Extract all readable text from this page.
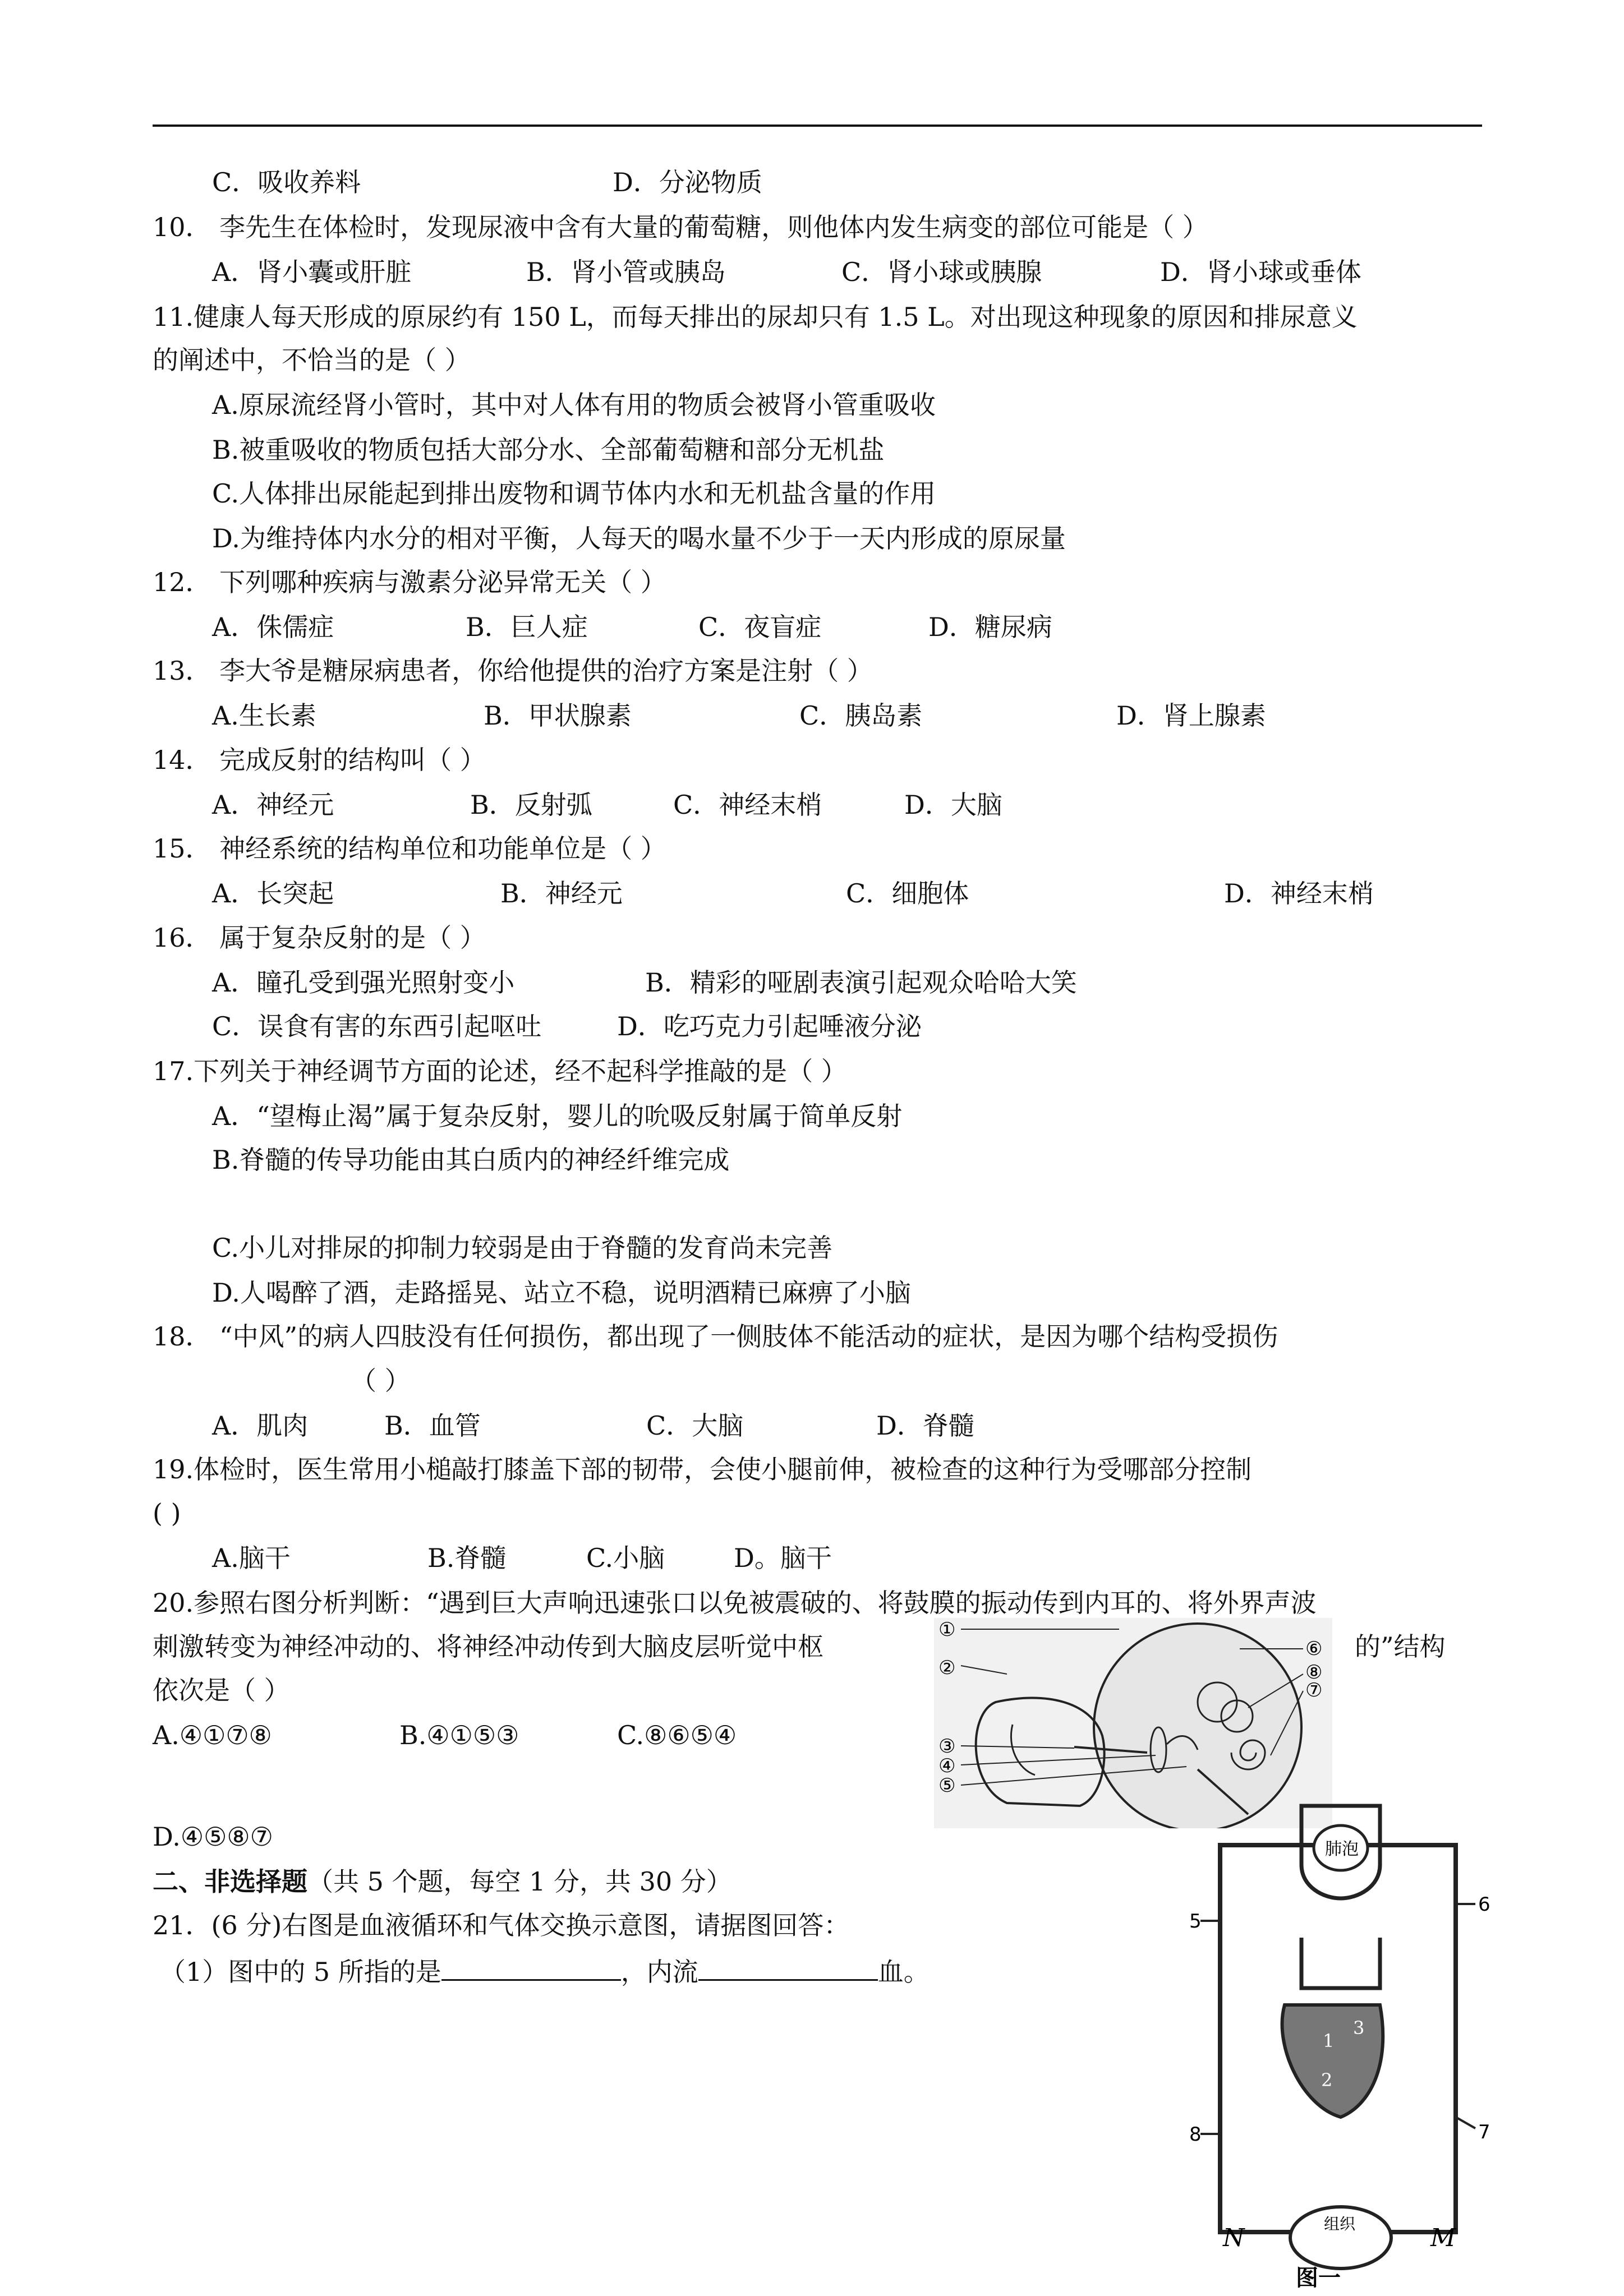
C．吸收养料	D．分泌物质
10． 李先生在体检时，发现尿液中含有大量的葡萄糖，则他体内发生病变的部位可能是（ ）
A．肾小囊或肝脏	B．肾小管或胰岛	C．肾小球或胰腺	D．肾小球或垂体
11.健康人每天形成的原尿约有 150 L，而每天排出的尿却只有 1.5 L。对出现这种现象的原因和排尿意义
的阐述中，不恰当的是（ ）
A.原尿流经肾小管时，其中对人体有用的物质会被肾小管重吸收
B.被重吸收的物质包括大部分水、全部葡萄糖和部分无机盐
C.人体排出尿能起到排出废物和调节体内水和无机盐含量的作用
D.为维持体内水分的相对平衡，人每天的喝水量不少于一天内形成的原尿量
12． 下列哪种疾病与激素分泌异常无关（ ）
A．侏儒症	B．巨人症	C．夜盲症	D．糖尿病
13． 李大爷是糖尿病患者，你给他提供的治疗方案是注射（ ）
A.生长素	B．甲状腺素	C．胰岛素	D．肾上腺素
14． 完成反射的结构叫（ ）
A．神经元	B．反射弧	C．神经末梢	D．大脑
15． 神经系统的结构单位和功能单位是（ ）
A．长突起	B．神经元	C．细胞体	D．神经末梢
16． 属于复杂反射的是（ ）
A．瞳孔受到强光照射变小	B．精彩的哑剧表演引起观众哈哈大笑
C．误食有害的东西引起呕吐	D．吃巧克力引起唾液分泌
17.下列关于神经调节方面的论述，经不起科学推敲的是（ ）
A．“望梅止渴”属于复杂反射，婴儿的吮吸反射属于简单反射
B.脊髓的传导功能由其白质内的神经纤维完成
C.小儿对排尿的抑制力较弱是由于脊髓的发育尚未完善
D.人喝醉了酒，走路摇晃、站立不稳，说明酒精已麻痹了小脑
18． “中风”的病人四肢没有任何损伤，都出现了一侧肢体不能活动的症状，是因为哪个结构受损伤
（ ）
A．肌肉	B．血管	C．大脑	D．脊髓
19.体检时，医生常用小槌敲打膝盖下部的韧带，会使小腿前伸，被检查的这种行为受哪部分控制
( )
A.脑干	B.脊髓	C.小脑	D。脑干
20.参照右图分析判断：“遇到巨大声响迅速张口以免被震破的、将鼓膜的振动传到内耳的、将外界声波
刺激转变为神经冲动的、将神经冲动传到大脑皮层听觉中枢	的”结构
依次是（ ）
A.④①⑦⑧	B.④①⑤③	C.⑧⑥⑤④
D.④⑤⑧⑦
①
②
③
④
⑤
⑥
⑦
⑧
二、非选择题（共 5 个题，每空 1 分，共 30 分）
21．(6 分)右图是血液循环和气体交换示意图，请据图回答：
（1）图中的 5 所指的是	，内流	血。
肺泡
1
2
3
组织
5
6
7
8
N	M
图一
